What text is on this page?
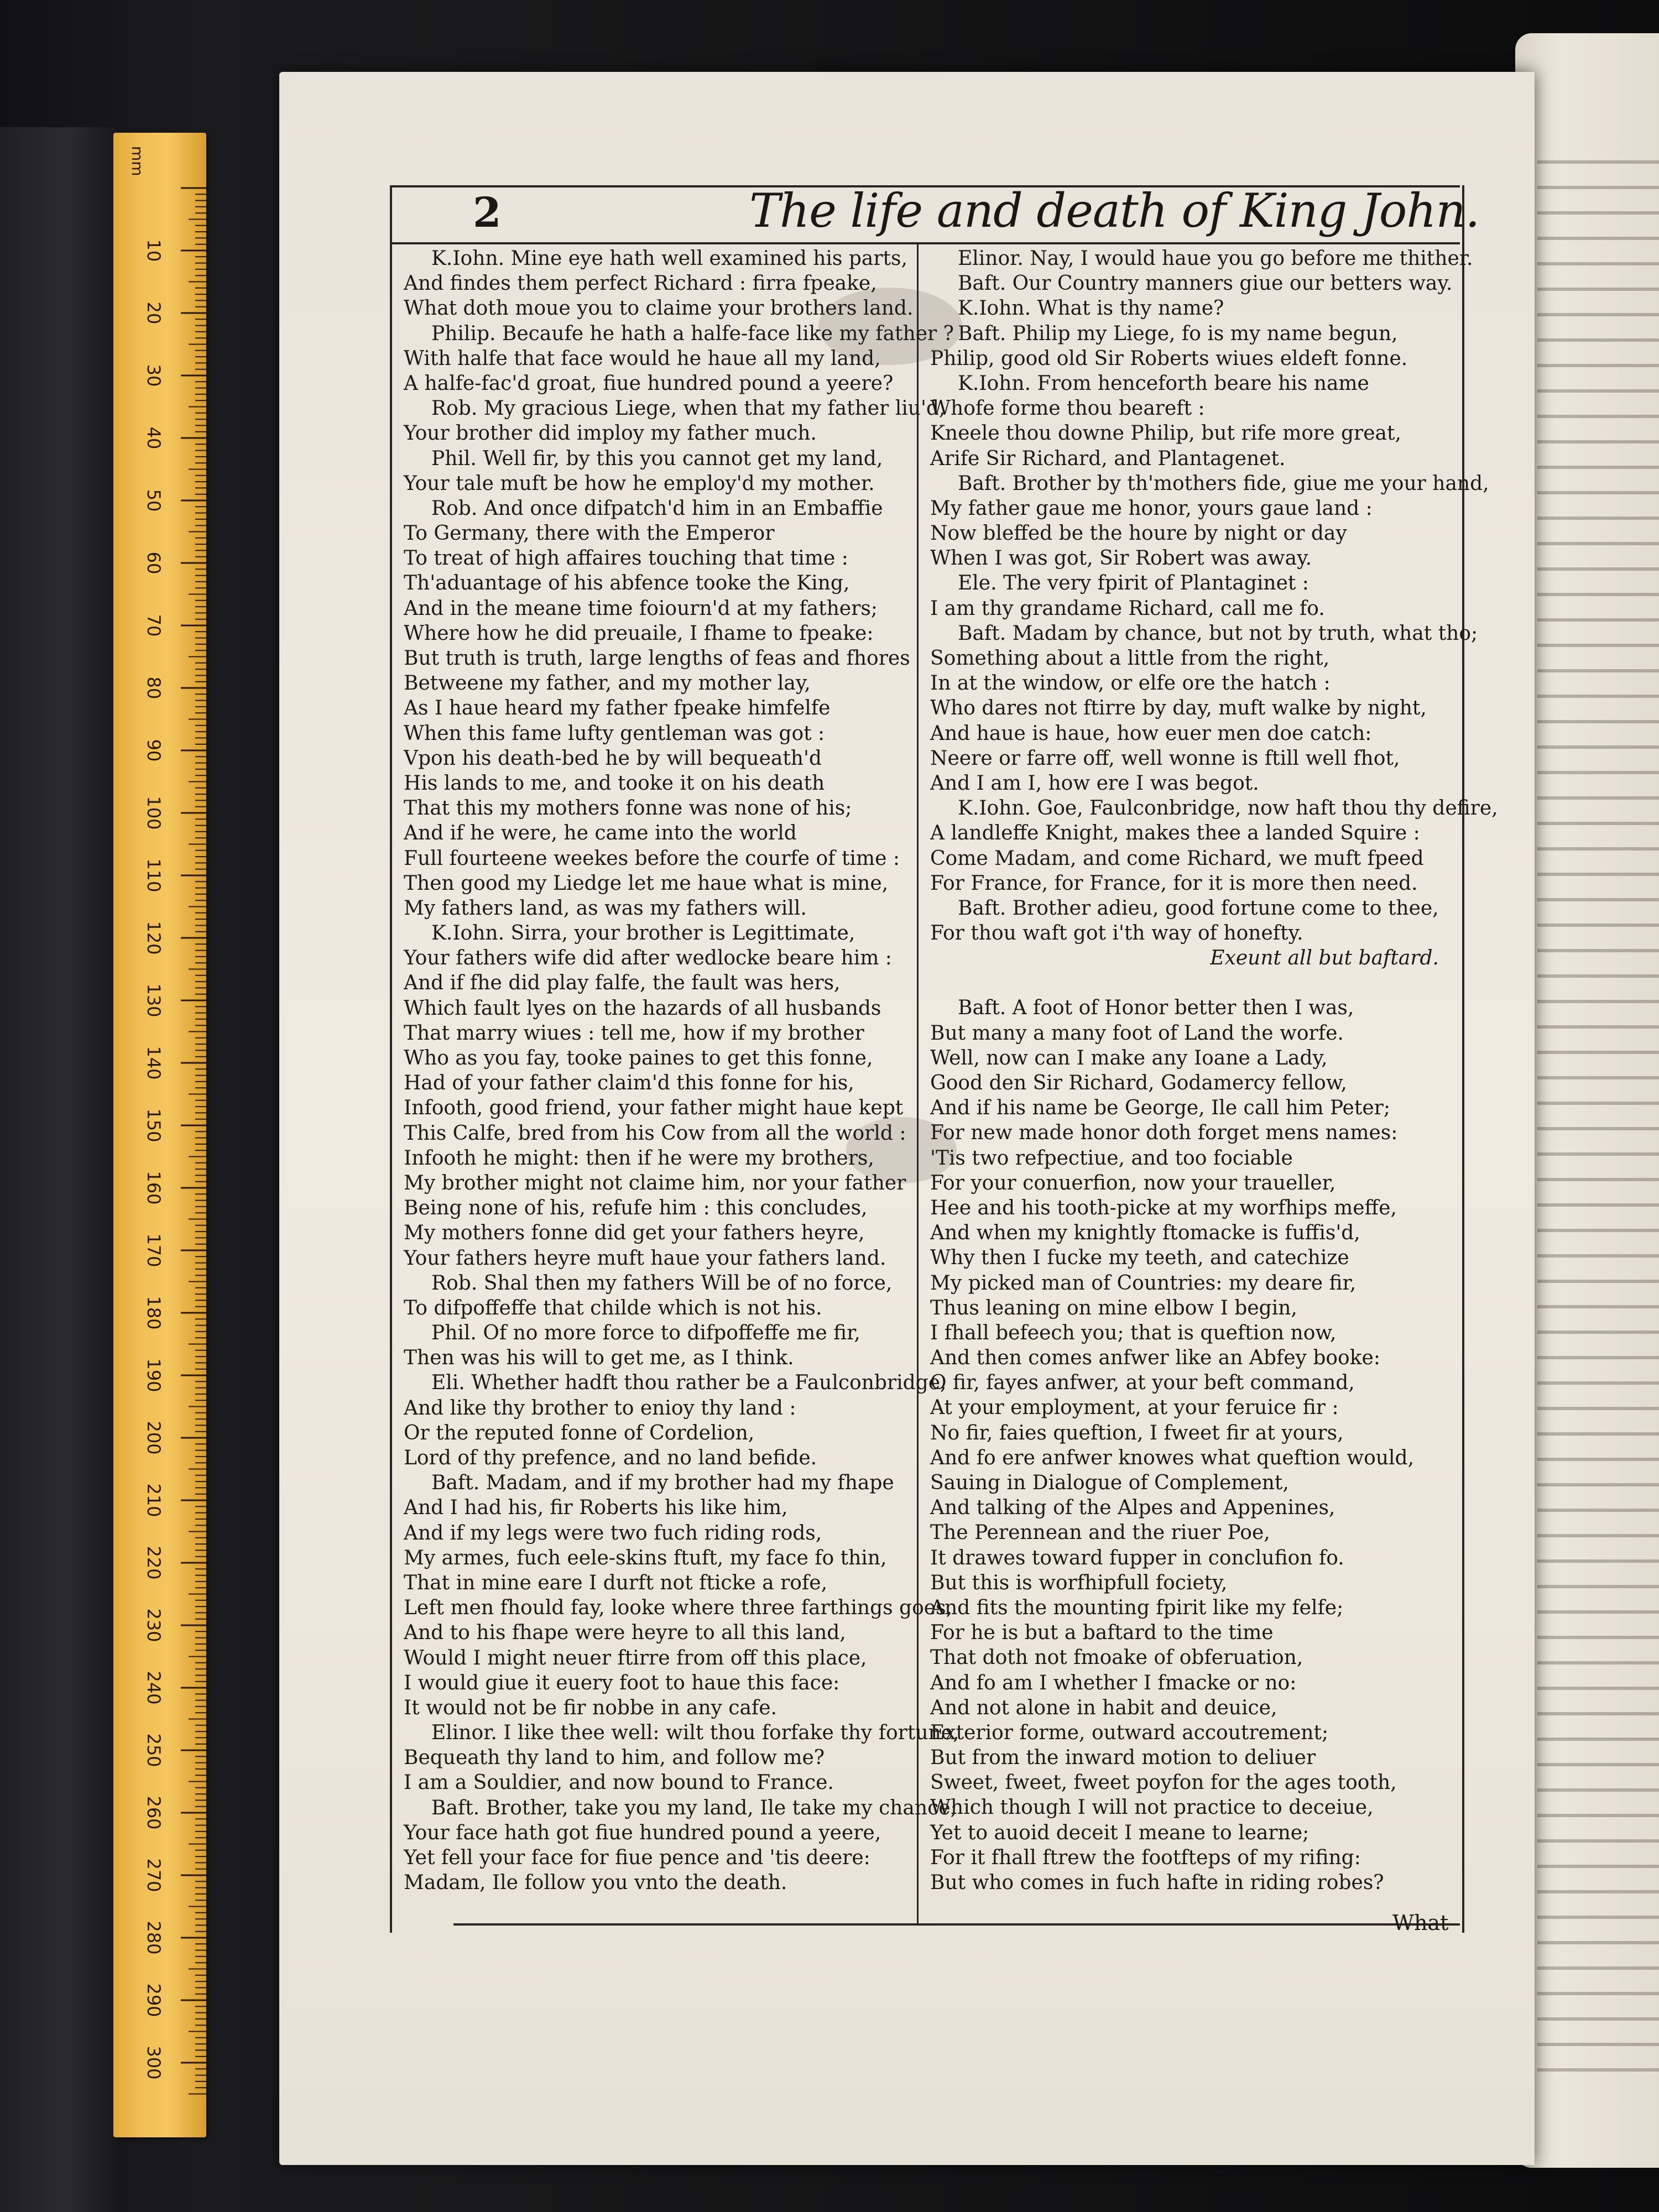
mm
10
20
30
40
50
60
70
80
90
100
110
120
130
140
150
160
170
180
190
200
210
220
230
240
250
260
270
280
290
300
2	The life and death of King John.
K.Iohn. Mine eye hath well examined his parts,
And findes them perfect Richard : firra fpeake,
What doth moue you to claime your brothers land.
Philip. Becaufe he hath a halfe-face like my father ?
With halfe that face would he haue all my land,
A halfe-fac'd groat, fiue hundred pound a yeere?
Rob. My gracious Liege, when that my father liu'd,
Your brother did imploy my father much.
Phil. Well fir, by this you cannot get my land,
Your tale muft be how he employ'd my mother.
Rob. And once difpatch'd him in an Embaffie
To Germany, there with the Emperor
To treat of high affaires touching that time :
Th'aduantage of his abfence tooke the King,
And in the meane time foiourn'd at my fathers;
Where how he did preuaile, I fhame to fpeake:
But truth is truth, large lengths of feas and fhores
Betweene my father, and my mother lay,
As I haue heard my father fpeake himfelfe
When this fame lufty gentleman was got :
Vpon his death-bed he by will bequeath'd
His lands to me, and tooke it on his death
That this my mothers fonne was none of his;
And if he were, he came into the world
Full fourteene weekes before the courfe of time :
Then good my Liedge let me haue what is mine,
My fathers land, as was my fathers will.
K.Iohn. Sirra, your brother is Legittimate,
Your fathers wife did after wedlocke beare him :
And if fhe did play falfe, the fault was hers,
Which fault lyes on the hazards of all husbands
That marry wiues : tell me, how if my brother
Who as you fay, tooke paines to get this fonne,
Had of your father claim'd this fonne for his,
Infooth, good friend, your father might haue kept
This Calfe, bred from his Cow from all the world :
Infooth he might: then if he were my brothers,
My brother might not claime him, nor your father
Being none of his, refufe him : this concludes,
My mothers fonne did get your fathers heyre,
Your fathers heyre muft haue your fathers land.
Rob. Shal then my fathers Will be of no force,
To difpoffeffe that childe which is not his.
Phil. Of no more force to difpoffeffe me fir,
Then was his will to get me, as I think.
Eli. Whether hadft thou rather be a Faulconbridge,
And like thy brother to enioy thy land :
Or the reputed fonne of Cordelion,
Lord of thy prefence, and no land befide.
Baft. Madam, and if my brother had my fhape
And I had his, fir Roberts his like him,
And if my legs were two fuch riding rods,
My armes, fuch eele-skins ftuft, my face fo thin,
That in mine eare I durft not fticke a rofe,
Left men fhould fay, looke where three farthings goes,
And to his fhape were heyre to all this land,
Would I might neuer ftirre from off this place,
I would giue it euery foot to haue this face:
It would not be fir nobbe in any cafe.
Elinor. I like thee well: wilt thou forfake thy fortune,
Bequeath thy land to him, and follow me?
I am a Souldier, and now bound to France.
Baft. Brother, take you my land, Ile take my chance;
Your face hath got fiue hundred pound a yeere,
Yet fell your face for fiue pence and 'tis deere:
Madam, Ile follow you vnto the death.
Elinor. Nay, I would haue you go before me thither.
Baft. Our Country manners giue our betters way.
K.Iohn. What is thy name?
Baft. Philip my Liege, fo is my name begun,
Philip, good old Sir Roberts wiues eldeft fonne.
K.Iohn. From henceforth beare his name
Whofe forme thou beareft :
Kneele thou downe Philip, but rife more great,
Arife Sir Richard, and Plantagenet.
Baft. Brother by th'mothers fide, giue me your hand,
My father gaue me honor, yours gaue land :
Now bleffed be the houre by night or day
When I was got, Sir Robert was away.
Ele. The very fpirit of Plantaginet :
I am thy grandame Richard, call me fo.
Baft. Madam by chance, but not by truth, what tho;
Something about a little from the right,
In at the window, or elfe ore the hatch :
Who dares not ftirre by day, muft walke by night,
And haue is haue, how euer men doe catch:
Neere or farre off, well wonne is ftill well fhot,
And I am I, how ere I was begot.
K.Iohn. Goe, Faulconbridge, now haft thou thy defire,
A landleffe Knight, makes thee a landed Squire :
Come Madam, and come Richard, we muft fpeed
For France, for France, for it is more then need.
Baft. Brother adieu, good fortune come to thee,
For thou waft got i'th way of honefty.
Exeunt all but baftard.
Baft. A foot of Honor better then I was,
But many a many foot of Land the worfe.
Well, now can I make any Ioane a Lady,
Good den Sir Richard, Godamercy fellow,
And if his name be George, Ile call him Peter;
For new made honor doth forget mens names:
'Tis two refpectiue, and too fociable
For your conuerfion, now your traueller,
Hee and his tooth-picke at my worfhips meffe,
And when my knightly ftomacke is fuffis'd,
Why then I fucke my teeth, and catechize
My picked man of Countries: my deare fir,
Thus leaning on mine elbow I begin,
I fhall befeech you; that is queftion now,
And then comes anfwer like an Abfey booke:
O fir, fayes anfwer, at your beft command,
At your employment, at your feruice fir :
No fir, faies queftion, I fweet fir at yours,
And fo ere anfwer knowes what queftion would,
Sauing in Dialogue of Complement,
And talking of the Alpes and Appenines,
The Perennean and the riuer Poe,
It drawes toward fupper in conclufion fo.
But this is worfhipfull fociety,
And fits the mounting fpirit like my felfe;
For he is but a baftard to the time
That doth not fmoake of obferuation,
And fo am I whether I fmacke or no:
And not alone in habit and deuice,
Exterior forme, outward accoutrement;
But from the inward motion to deliuer
Sweet, fweet, fweet poyfon for the ages tooth,
Which though I will not practice to deceiue,
Yet to auoid deceit I meane to learne;
For it fhall ftrew the footfteps of my rifing:
But who comes in fuch hafte in riding robes?
What
